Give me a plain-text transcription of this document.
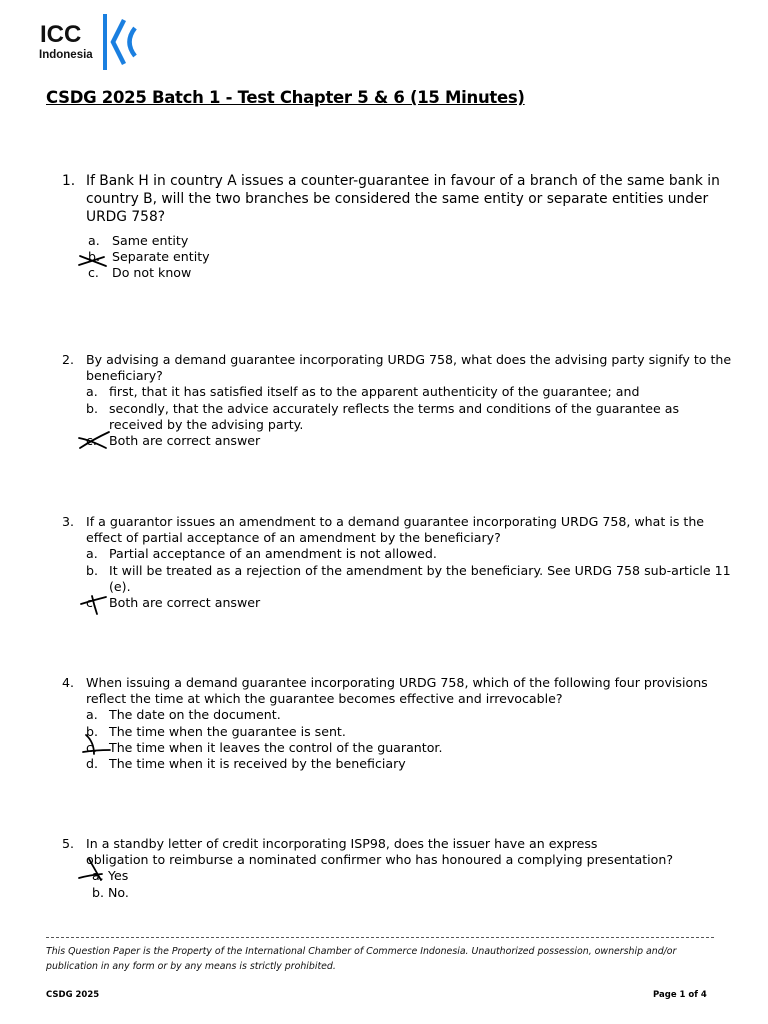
ICC
Indonesia
CSDG 2025 Batch 1 - Test Chapter 5 & 6 (15 Minutes)
1. If Bank H in country A issues a counter-guarantee in favour of a branch of the same bank in country B, will the two branches be considered the same entity or separate entities under URDG 758?
a. Same entity
b. Separate entity
c.	Do not know
2. By advising a demand guarantee incorporating URDG 758, what does the advising party signify to the beneficiary?
a. first, that it has satisfied itself as to the apparent authenticity of the guarantee; and
b. secondly, that the advice accurately reflects the terms and conditions of the guarantee as received by the advising party.
c. Both are correct answer
3. If a guarantor issues an amendment to a demand guarantee incorporating URDG 758, what is the effect of partial acceptance of an amendment by the beneficiary?
a. Partial acceptance of an amendment is not allowed.
b. It will be treated as a rejection of the amendment by the beneficiary. See URDG 758 sub-article 11 (e).
c. Both are correct answer
4. When issuing a demand guarantee incorporating URDG 758, which of the following four provisions reflect the time at which the guarantee becomes effective and irrevocable?
a. The date on the document.
b. The time when the guarantee is sent.
c. The time when it leaves the control of the guarantor.
d. The time when it is received by the beneficiary
5. In a standby letter of credit incorporating ISP98, does the issuer have an express
obligation to reimburse a nominated confirmer who has honoured a complying presentation?
a. Yes
b. No.
This Question Paper is the Property of the International Chamber of Commerce Indonesia. Unauthorized possession, ownership and/or publication in any form or by any means is strictly prohibited.
CSDG 2025	Page 1 of 4
